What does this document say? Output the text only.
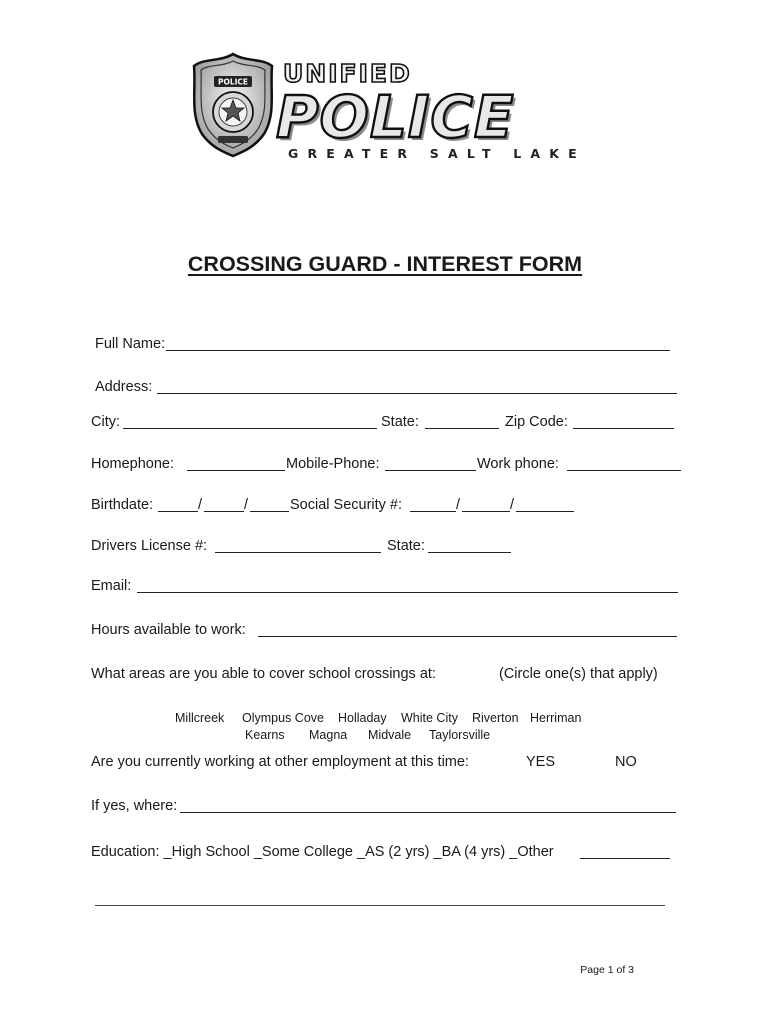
POLICE UNIFIED
POLICE
GREATER SALT LAKE
CROSSING GUARD - INTEREST FORM
Full Name:
Address:
City:	State:	Zip Code:
Homephone:	Mobile-Phone:	Work phone:
Birthdate:	/	/	Social Security #:	/	/
Drivers License #:	State:
Email:
Hours available to work:
What areas are you able to cover school crossings at:	(Circle one(s) that apply)
Millcreek Olympus Cove Holladay White City Riverton Herriman
Kearns Magna Midvale Taylorsville
Are you currently working at other employment at this time:	YES	NO
If yes, where:
Education: _High School _Some College _AS (2 yrs) _BA (4 yrs) _Other
Page 1 of 3
